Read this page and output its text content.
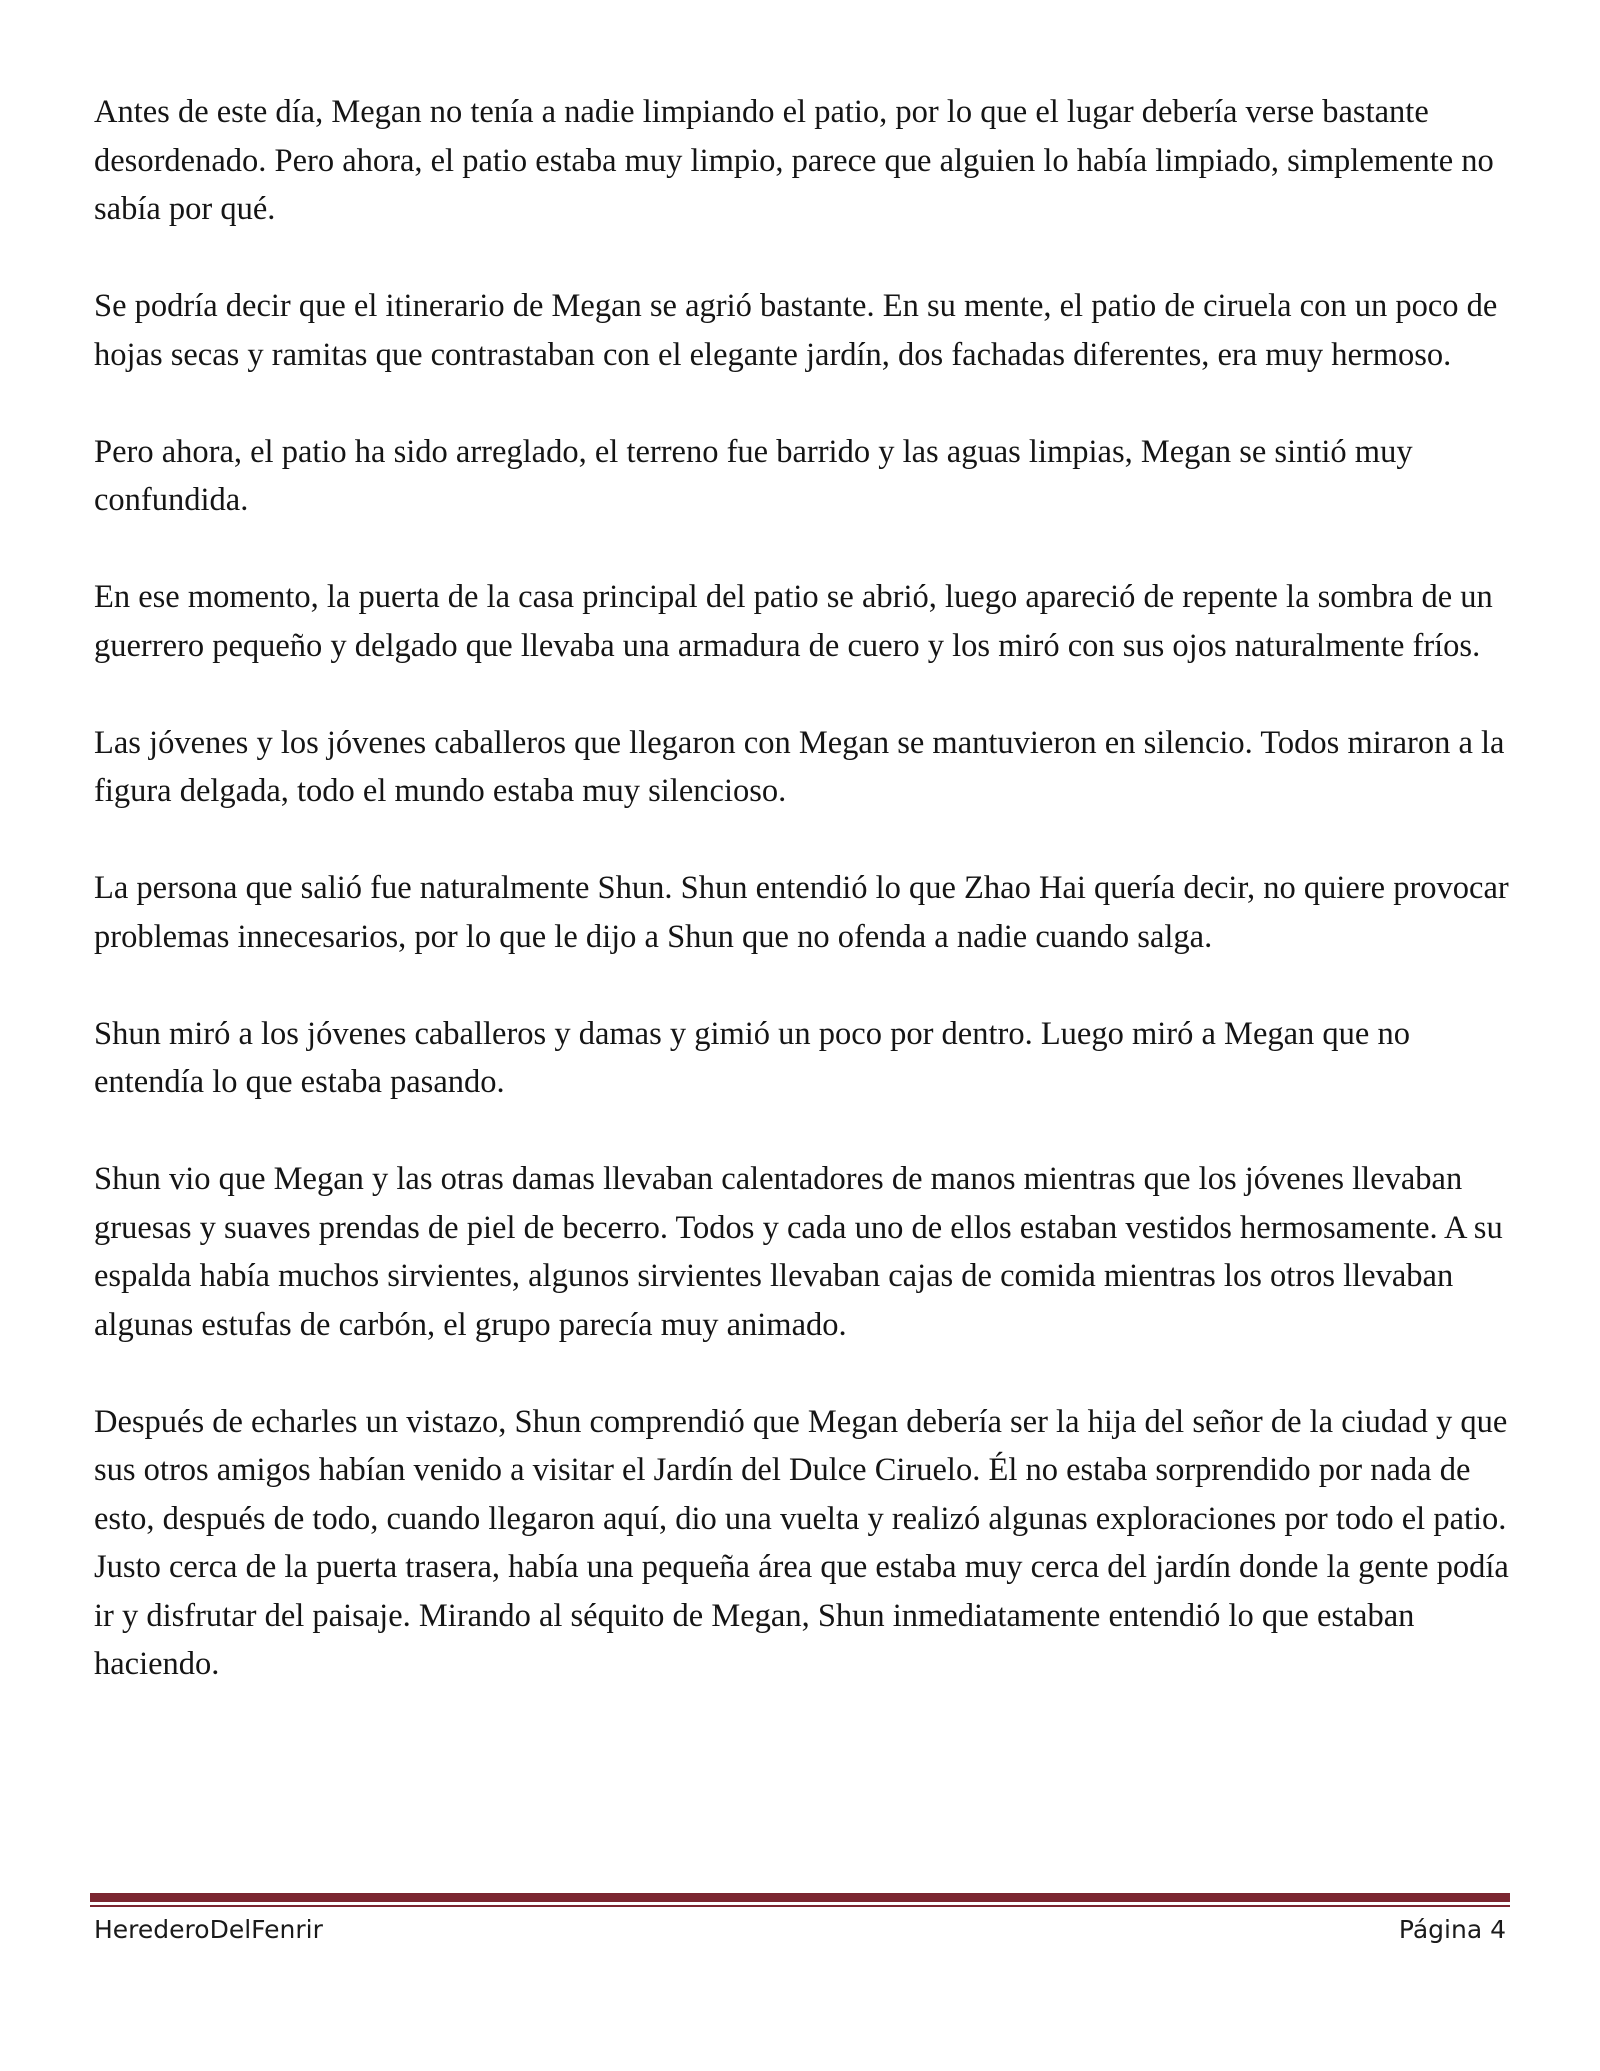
Antes de este día, Megan no tenía a nadie limpiando el patio, por lo que el lugar debería verse bastante desordenado. Pero ahora, el patio estaba muy limpio, parece que alguien lo había limpiado, simplemente no sabía por qué.

Se podría decir que el itinerario de Megan se agrió bastante. En su mente, el patio de ciruela con un poco de hojas secas y ramitas que contrastaban con el elegante jardín, dos fachadas diferentes, era muy hermoso.

Pero ahora, el patio ha sido arreglado, el terreno fue barrido y las aguas limpias, Megan se sintió muy confundida.

En ese momento, la puerta de la casa principal del patio se abrió, luego apareció de repente la sombra de un guerrero pequeño y delgado que llevaba una armadura de cuero y los miró con sus ojos naturalmente fríos.

Las jóvenes y los jóvenes caballeros que llegaron con Megan se mantuvieron en silencio. Todos miraron a la figura delgada, todo el mundo estaba muy silencioso.

La persona que salió fue naturalmente Shun. Shun entendió lo que Zhao Hai quería decir, no quiere provocar problemas innecesarios, por lo que le dijo a Shun que no ofenda a nadie cuando salga.

Shun miró a los jóvenes caballeros y damas y gimió un poco por dentro. Luego miró a Megan que no entendía lo que estaba pasando.

Shun vio que Megan y las otras damas llevaban calentadores de manos mientras que los jóvenes llevaban gruesas y suaves prendas de piel de becerro. Todos y cada uno de ellos estaban vestidos hermosamente. A su espalda había muchos sirvientes, algunos sirvientes llevaban cajas de comida mientras los otros llevaban algunas estufas de carbón, el grupo parecía muy animado.

Después de echarles un vistazo, Shun comprendió que Megan debería ser la hija del señor de la ciudad y que sus otros amigos habían venido a visitar el Jardín del Dulce Ciruelo. Él no estaba sorprendido por nada de esto, después de todo, cuando llegaron aquí, dio una vuelta y realizó algunas exploraciones por todo el patio. Justo cerca de la puerta trasera, había una pequeña área que estaba muy cerca del jardín donde la gente podía ir y disfrutar del paisaje. Mirando al séquito de Megan, Shun inmediatamente entendió lo que estaban haciendo.

HerederoDelFenrir	Página 4
